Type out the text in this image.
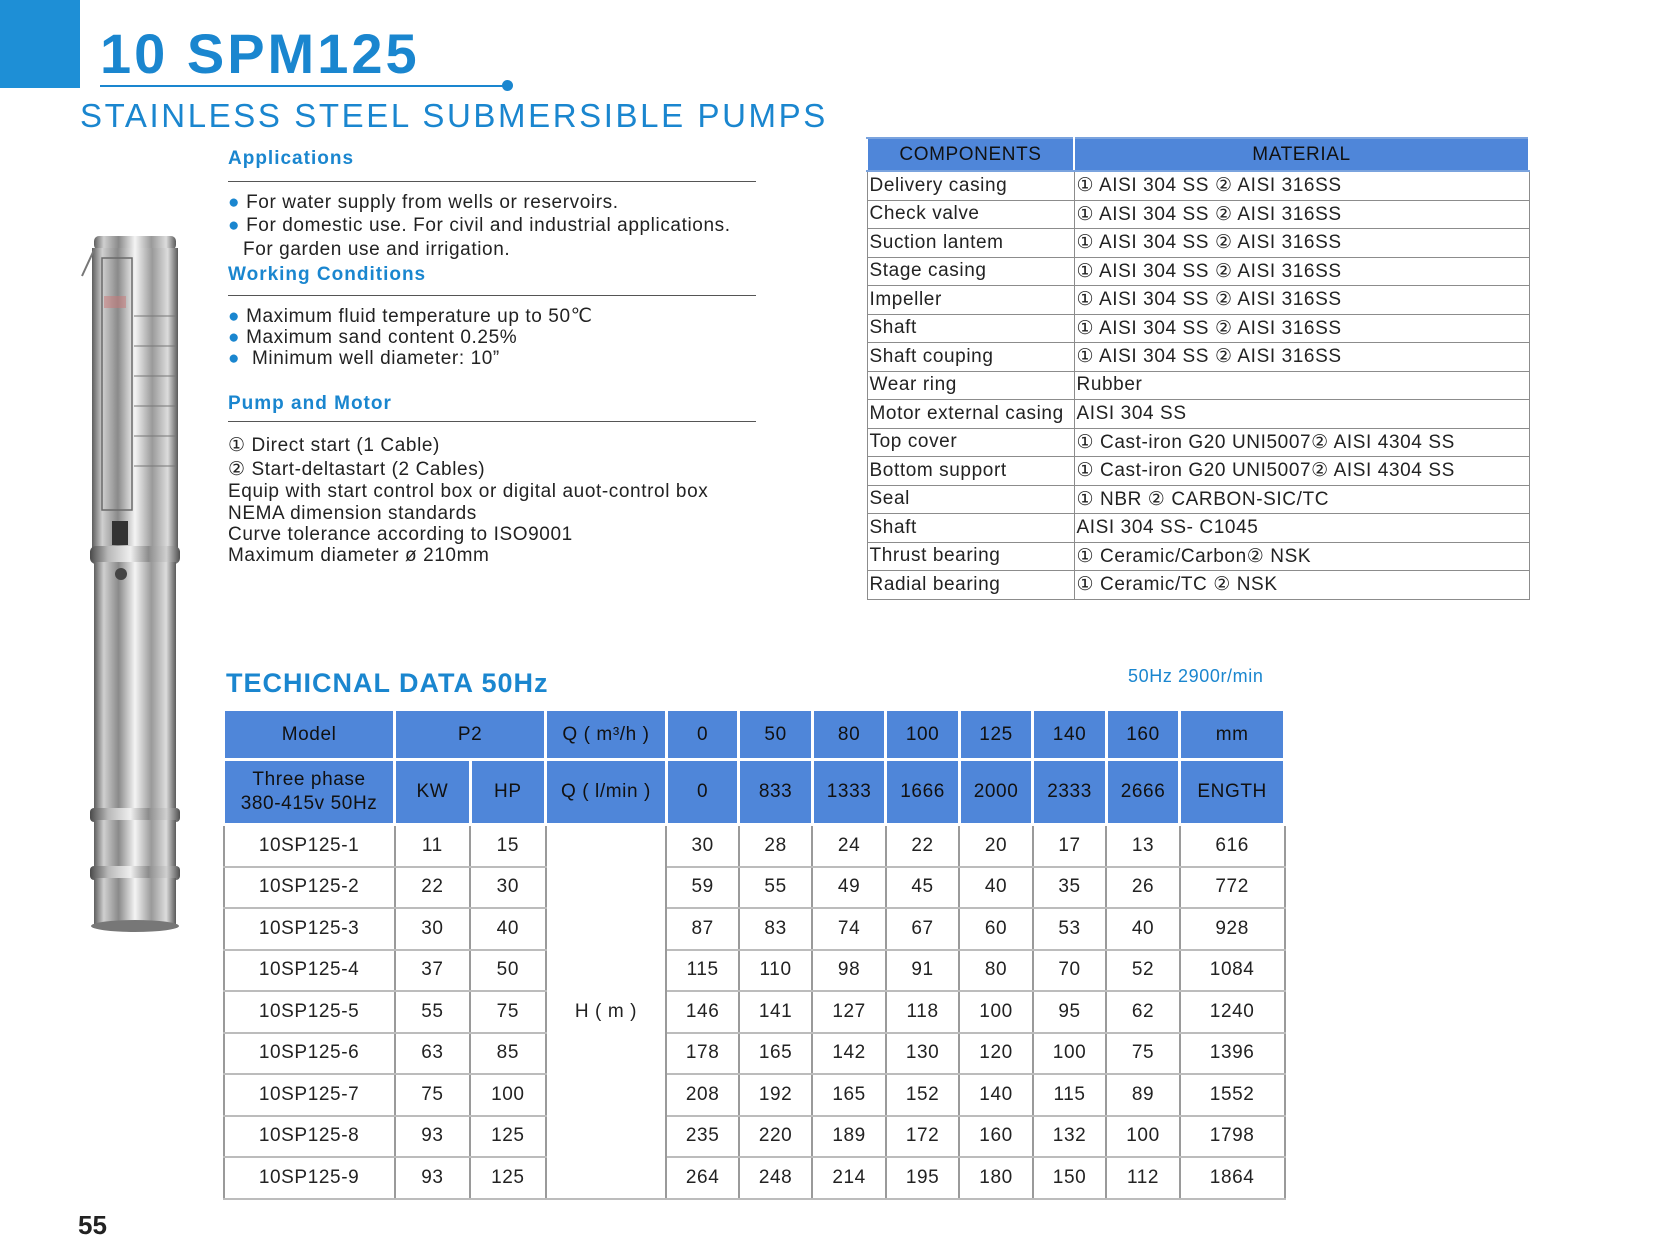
10 SPM125
STAINLESS STEEL SUBMERSIBLE PUMPS
Applications
● For water supply from wells or reservoirs.
● For domestic use. For civil and industrial applications.
For garden use and irrigation.
Working Conditions
● Maximum fluid temperature up to 50℃
● Maximum sand content 0.25%
● Minimum well diameter: 10”
Pump and Motor
① Direct start (1 Cable)
② Start-deltastart (2 Cables)
Equip with start control box or digital auot-control box
NEMA dimension standards
Curve tolerance according to ISO9001
Maximum diameter ø 210mm
COMPONENTS	MATERIAL
Delivery casing	① AISI 304 SS ② AISI 316SS
Check valve	① AISI 304 SS ② AISI 316SS
Suction lantem	① AISI 304 SS ② AISI 316SS
Stage casing	① AISI 304 SS ② AISI 316SS
Impeller	① AISI 304 SS ② AISI 316SS
Shaft	① AISI 304 SS ② AISI 316SS
Shaft couping	① AISI 304 SS ② AISI 316SS
Wear ring	Rubber
Motor external casing	AISI 304 SS
Top cover	① Cast-iron G20 UNI5007② AISI 4304 SS
Bottom support	① Cast-iron G20 UNI5007② AISI 4304 SS
Seal	① NBR ② CARBON-SIC/TC
Shaft	AISI 304 SS- C1045
Thrust bearing	① Ceramic/Carbon② NSK
Radial bearing	① Ceramic/TC ② NSK
TECHICNAL DATA 50Hz	50Hz 2900r/min
Model	P2		Q ( m³/h )	0	50	80	100	125	140	160	mm
Three phase
380-415v 50Hz	KW	HP	Q ( l/min )	0	833	1333	1666	2000	2333	2666	ENGTH
10SP125-1	11	15	H ( m )	30	28	24	22	20	17	13	616
10SP125-2	22	30		59	55	49	45	40	35	26	772
10SP125-3	30	40		87	83	74	67	60	53	40	928
10SP125-4	37	50		115	110	98	91	80	70	52	1084
10SP125-5	55	75		146	141	127	118	100	95	62	1240
10SP125-6	63	85		178	165	142	130	120	100	75	1396
10SP125-7	75	100		208	192	165	152	140	115	89	1552
10SP125-8	93	125		235	220	189	172	160	132	100	1798
10SP125-9	93	125		264	248	214	195	180	150	112	1864
55
